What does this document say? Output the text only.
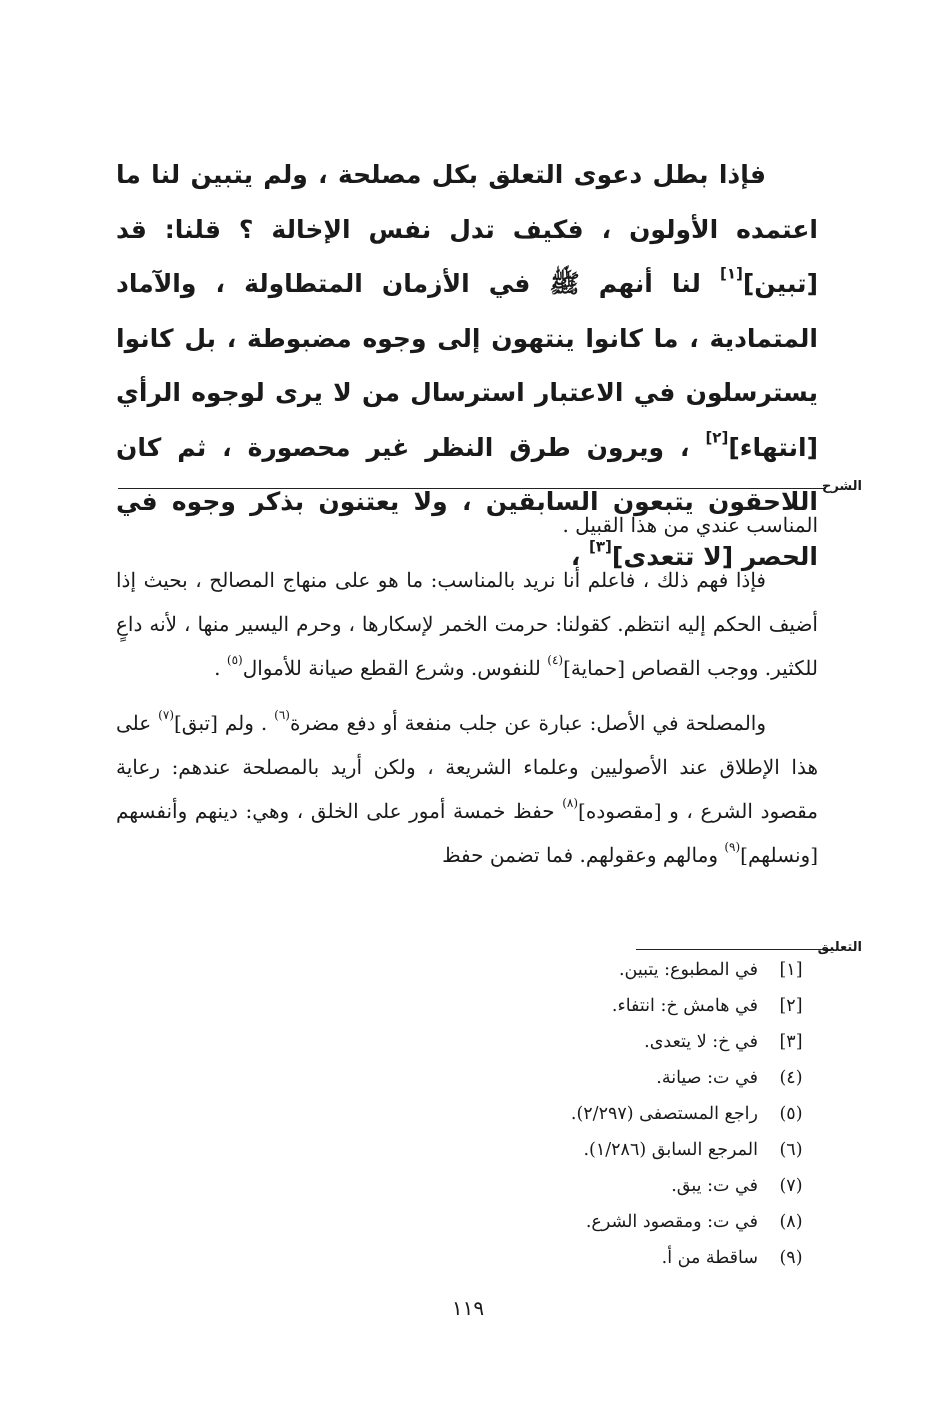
فإذا بطل دعوى التعلق بكل مصلحة ، ولم يتبين لنا ما اعتمده الأولون ، فكيف تدل نفس الإخالة ؟ قلنا: قد [تبين][١] لنا أنهم ﷺ في الأزمان المتطاولة ، والآماد المتمادية ، ما كانوا ينتهون إلى وجوه مضبوطة ، بل كانوا يسترسلون في الاعتبار استرسال من لا يرى لوجوه الرأي [انتهاء][٢] ، ويرون طرق النظر غير محصورة ، ثم كان اللاحقون يتبعون السابقين ، ولا يعتنون بذكر وجوه في الحصر [لا تتعدى][٣] ،

الشرح

المناسب عندي من هذا القبيل .

فإذا فهم ذلك ، فاعلم أنا نريد بالمناسب: ما هو على منهاج المصالح ، بحيث إذا أضيف الحكم إليه انتظم. كقولنا: حرمت الخمر لإسكارها ، وحرم اليسير منها ، لأنه داعٍ للكثير. ووجب القصاص [حماية]$^{(٤)}$ للنفوس. وشرع القطع صيانة للأموال$^{(٥)}$ .

والمصلحة في الأصل: عبارة عن جلب منفعة أو دفع مضرة$^{(٦)}$ . ولم [تبق]$^{(٧)}$ على هذا الإطلاق عند الأصوليين وعلماء الشريعة ، ولكن أريد بالمصلحة عندهم: رعاية مقصود الشرع ، و [مقصوده]$^{(٨)}$ حفظ خمسة أمور على الخلق ، وهي: دينهم وأنفسهم [ونسلهم]$^{(٩)}$ ومالهم وعقولهم. فما تضمن حفظ

التعليق
[١]
في المطبوع: يتبين.
[٢]
في هامش خ: انتفاء.
[٣]
في خ: لا يتعدى.
(٤)
في ت: صيانة.
(٥)
راجع المستصفى (٢/٢٩٧).
(٦)
المرجع السابق (١/٢٨٦).
(٧)
في ت: يبق.
(٨)
في ت: ومقصود الشرع.
(٩)
ساقطة من أ.
١١٩
